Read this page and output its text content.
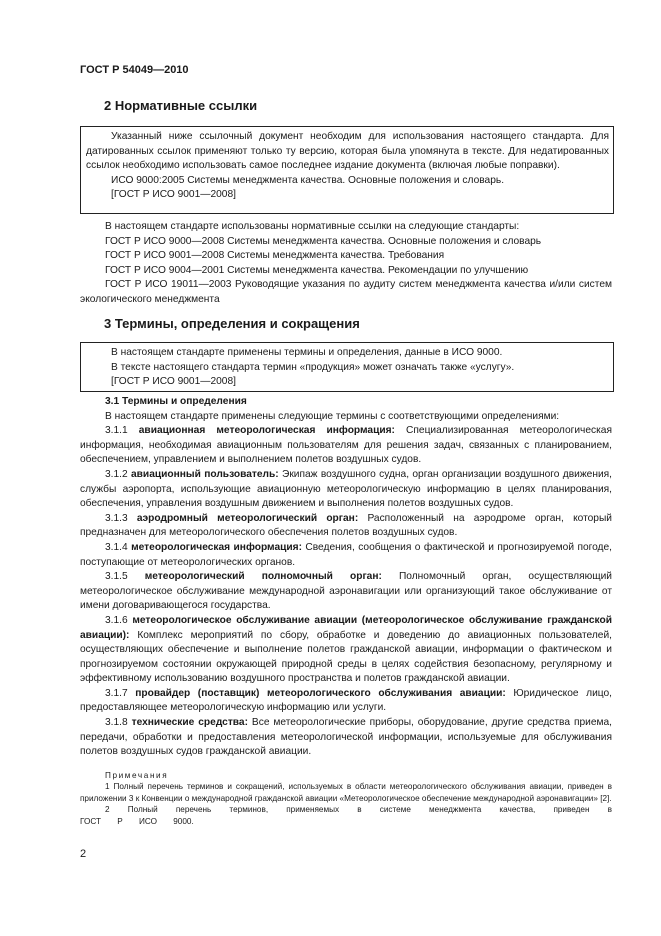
ГОСТ Р 54049—2010
2 Нормативные ссылки

Указанный ниже ссылочный документ необходим для использования настоящего стандарта. Для датированных ссылок применяют только ту версию, которая была упомянута в тексте. Для недатированных ссылок необходимо использовать самое последнее издание документа (включая любые поправки).

ИСО 9000:2005 Системы менеджмента качества. Основные положения и словарь.

[ГОСТ Р ИСО 9001—2008]

В настоящем стандарте использованы нормативные ссылки на следующие стандарты:

ГОСТ Р ИСО 9000—2008 Системы менеджмента качества. Основные положения и словарь

ГОСТ Р ИСО 9001—2008 Системы менеджмента качества. Требования

ГОСТ Р ИСО 9004—2001 Системы менеджмента качества. Рекомендации по улучшению

ГОСТ Р ИСО 19011—2003 Руководящие указания по аудиту систем менеджмента качества и/или систем экологического менеджмента

3 Термины, определения и сокращения

В настоящем стандарте применены термины и определения, данные в ИСО 9000.

В тексте настоящего стандарта термин «продукция» может означать также «услугу».

[ГОСТ Р ИСО 9001—2008]

3.1 Термины и определения

В настоящем стандарте применены следующие термины с соответствующими определениями:

3.1.1 авиационная метеорологическая информация: Специализированная метеорологическая информация, необходимая авиационным пользователям для решения задач, связанных с планированием, обеспечением, управлением и выполнением полетов воздушных судов.

3.1.2 авиационный пользователь: Экипаж воздушного судна, орган организации воздушного движения, службы аэропорта, использующие авиационную метеорологическую информацию в целях планирования, обеспечения, управления воздушным движением и выполнения полетов воздушных судов.

3.1.3 аэродромный метеорологический орган: Расположенный на аэродроме орган, который предназначен для метеорологического обеспечения полетов воздушных судов.

3.1.4 метеорологическая информация: Сведения, сообщения о фактической и прогнозируемой погоде, поступающие от метеорологических органов.

3.1.5 метеорологический полномочный орган: Полномочный орган, осуществляющий метеорологическое обслуживание международной аэронавигации или организующий такое обслуживание от имени договаривающегося государства.

3.1.6 метеорологическое обслуживание авиации (метеорологическое обслуживание гражданской авиации): Комплекс мероприятий по сбору, обработке и доведению до авиационных пользователей, осуществляющих обеспечение и выполнение полетов гражданской авиации, информации о фактическом и прогнозируемом состоянии окружающей природной среды в целях содействия безопасному, регулярному и эффективному использованию воздушного пространства и полетов гражданской авиации.

3.1.7 провайдер (поставщик) метеорологического обслуживания авиации: Юридическое лицо, предоставляющее метеорологическую информацию или услуги.

3.1.8 технические средства: Все метеорологические приборы, оборудование, другие средства приема, передачи, обработки и предоставления метеорологической информации, используемые для обслуживания полетов воздушных судов гражданской авиации.

Примечания

1 Полный перечень терминов и сокращений, используемых в области метеорологического обслуживания авиации, приведен в приложении 3 к Конвенции о международной гражданской авиации «Метеорологическое обеспечение международной аэронавигации» [2].

2 Полный перечень терминов, применяемых в системе менеджмента качества, приведен в ГОСТ Р ИСО 9000.

2
